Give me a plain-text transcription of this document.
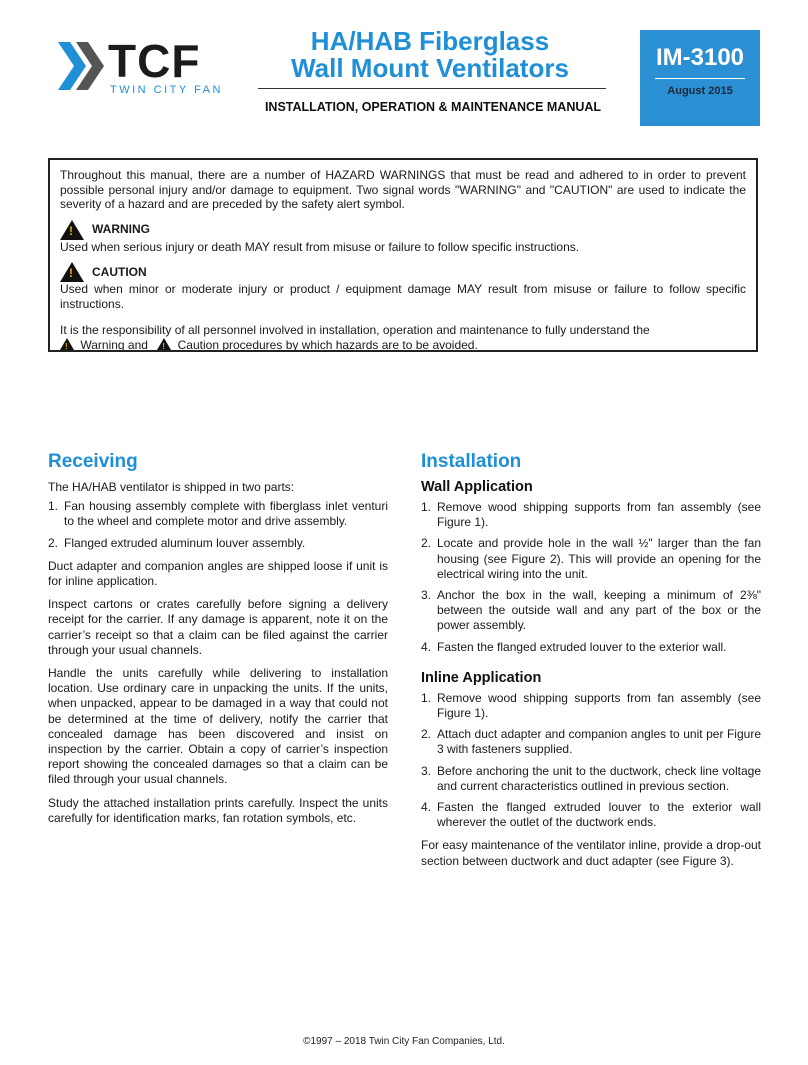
TCF
TWIN CITY FAN
HA/HAB Fiberglass
Wall Mount Ventilators
INSTALLATION, OPERATION & MAINTENANCE MANUAL
IM-3100
August 2015

Throughout this manual, there are a number of HAZARD WARNINGS that must be read and adhered to in order to prevent possible personal injury and/or damage to equipment. Two signal words "WARNING" and "CAUTION" are used to indicate the severity of a hazard and are preceded by the safety alert symbol.

!
WARNING

Used when serious injury or death MAY result from misuse or failure to follow specific instructions.

!
CAUTION

Used when minor or moderate injury or product / equipment damage MAY result from misuse or failure to follow specific instructions.

It is the responsibility of all personnel involved in installation, operation and maintenance to fully understand the
! Warning and ! Caution procedures by which hazards are to be avoided.

Receiving

The HA/HAB ventilator is shipped in two parts:

1. Fan housing assembly complete with fiberglass inlet venturi to the wheel and complete motor and drive assembly.
2. Flanged extruded aluminum louver assembly.

Duct adapter and companion angles are shipped loose if unit is for inline application.

Inspect cartons or crates carefully before signing a delivery receipt for the carrier. If any damage is apparent, note it on the carrier’s receipt so that a claim can be filed against the carrier through your usual channels.

Handle the units carefully while delivering to installation location. Use ordinary care in unpacking the units. If the units, when unpacked, appear to be damaged in a way that could not be determined at the time of delivery, notify the carrier that concealed damage has been discovered and insist on inspection by the carrier. Obtain a copy of carrier’s inspection report showing the concealed damages so that a claim can be filed through your usual channels.

Study the attached installation prints carefully. Inspect the units carefully for identification marks, fan rotation symbols, etc.

Installation
Wall Application
1. Remove wood shipping supports from fan assembly (see Figure 1).
2. Locate and provide hole in the wall ½" larger than the fan housing (see Figure 2). This will provide an opening for the electrical wiring into the unit.
3. Anchor the box in the wall, keeping a minimum of 2⅜" between the outside wall and any part of the box or the power assembly.
4. Fasten the flanged extruded louver to the exterior wall.
Inline Application
1. Remove wood shipping supports from fan assembly (see Figure 1).
2. Attach duct adapter and companion angles to unit per Figure 3 with fasteners supplied.
3. Before anchoring the unit to the ductwork, check line voltage and current characteristics outlined in previous section.
4. Fasten the flanged extruded louver to the exterior wall wherever the outlet of the ductwork ends.

For easy maintenance of the ventilator inline, provide a drop-out section between ductwork and duct adapter (see Figure 3).

©1997 – 2018 Twin City Fan Companies, Ltd.
